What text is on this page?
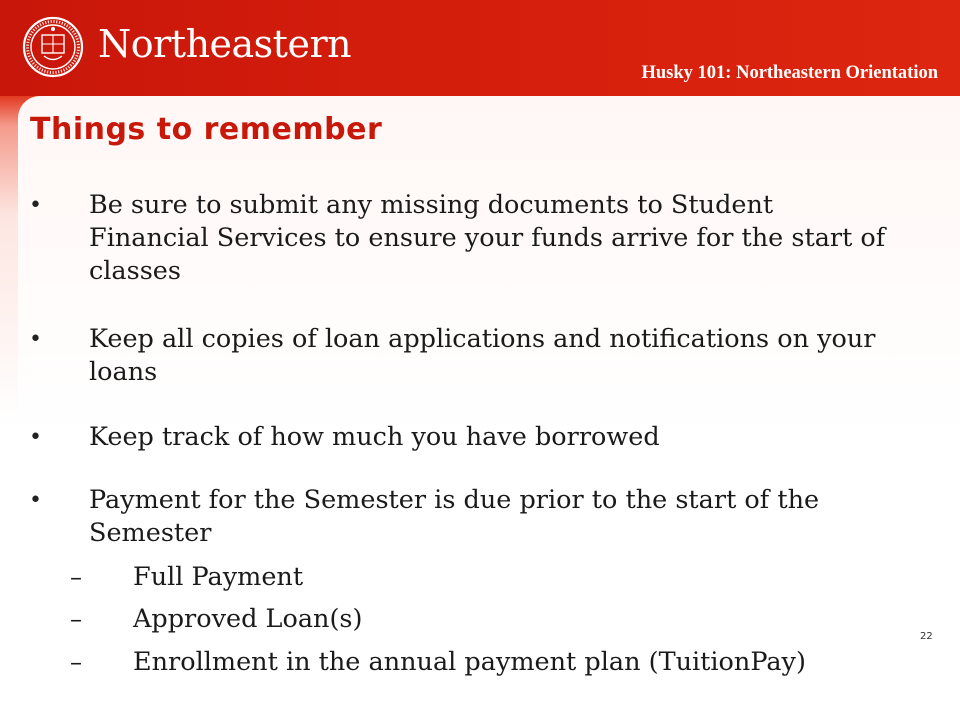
Northeastern
Husky 101: Northeastern Orientation
Things to remember
• Be sure to submit any missing documents to Student Financial Services to ensure your funds arrive for the start of classes
• Keep all copies of loan applications and notifications on your loans
• Keep track of how much you have borrowed
• Payment for the Semester is due prior to the start of the Semester
– Full Payment
– Approved Loan(s)
– Enrollment in the annual payment plan (TuitionPay)
22
